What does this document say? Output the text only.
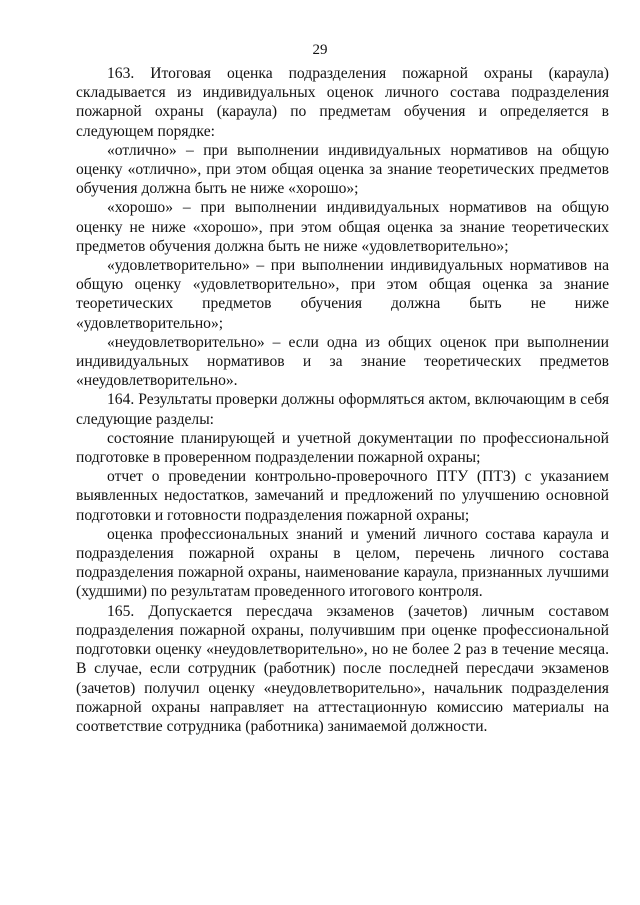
29

163. Итоговая оценка подразделения пожарной охраны (караула) складывается из индивидуальных оценок личного состава подразделения пожарной охраны (караула) по предметам обучения и определяется в следующем порядке:

«отлично» – при выполнении индивидуальных нормативов на общую оценку «отлично», при этом общая оценка за знание теоретических предметов обучения должна быть не ниже «хорошо»;

«хорошо» – при выполнении индивидуальных нормативов на общую оценку не ниже «хорошо», при этом общая оценка за знание теоретических предметов обучения должна быть не ниже «удовлетворительно»;

«удовлетворительно» – при выполнении индивидуальных нормативов на общую оценку «удовлетворительно», при этом общая оценка за знание теоретических предметов обучения должна быть не ниже «удовлетворительно»;

«неудовлетворительно» – если одна из общих оценок при выполнении индивидуальных нормативов и за знание теоретических предметов «неудовлетворительно».

164. Результаты проверки должны оформляться актом, включающим в себя следующие разделы:

состояние планирующей и учетной документации по профессиональной подготовке в проверенном подразделении пожарной охраны;

отчет о проведении контрольно-проверочного ПТУ (ПТЗ) с указанием выявленных недостатков, замечаний и предложений по улучшению основной подготовки и готовности подразделения пожарной охраны;

оценка профессиональных знаний и умений личного состава караула и подразделения пожарной охраны в целом, перечень личного состава подразделения пожарной охраны, наименование караула, признанных лучшими (худшими) по результатам проведенного итогового контроля.

165. Допускается пересдача экзаменов (зачетов) личным составом подразделения пожарной охраны, получившим при оценке профессиональной подготовки оценку «неудовлетворительно», но не более 2 раз в течение месяца. В случае, если сотрудник (работник) после последней пересдачи экзаменов (зачетов) получил оценку «неудовлетворительно», начальник подразделения пожарной охраны направляет на аттестационную комиссию материалы на соответствие сотрудника (работника) занимаемой должности.
